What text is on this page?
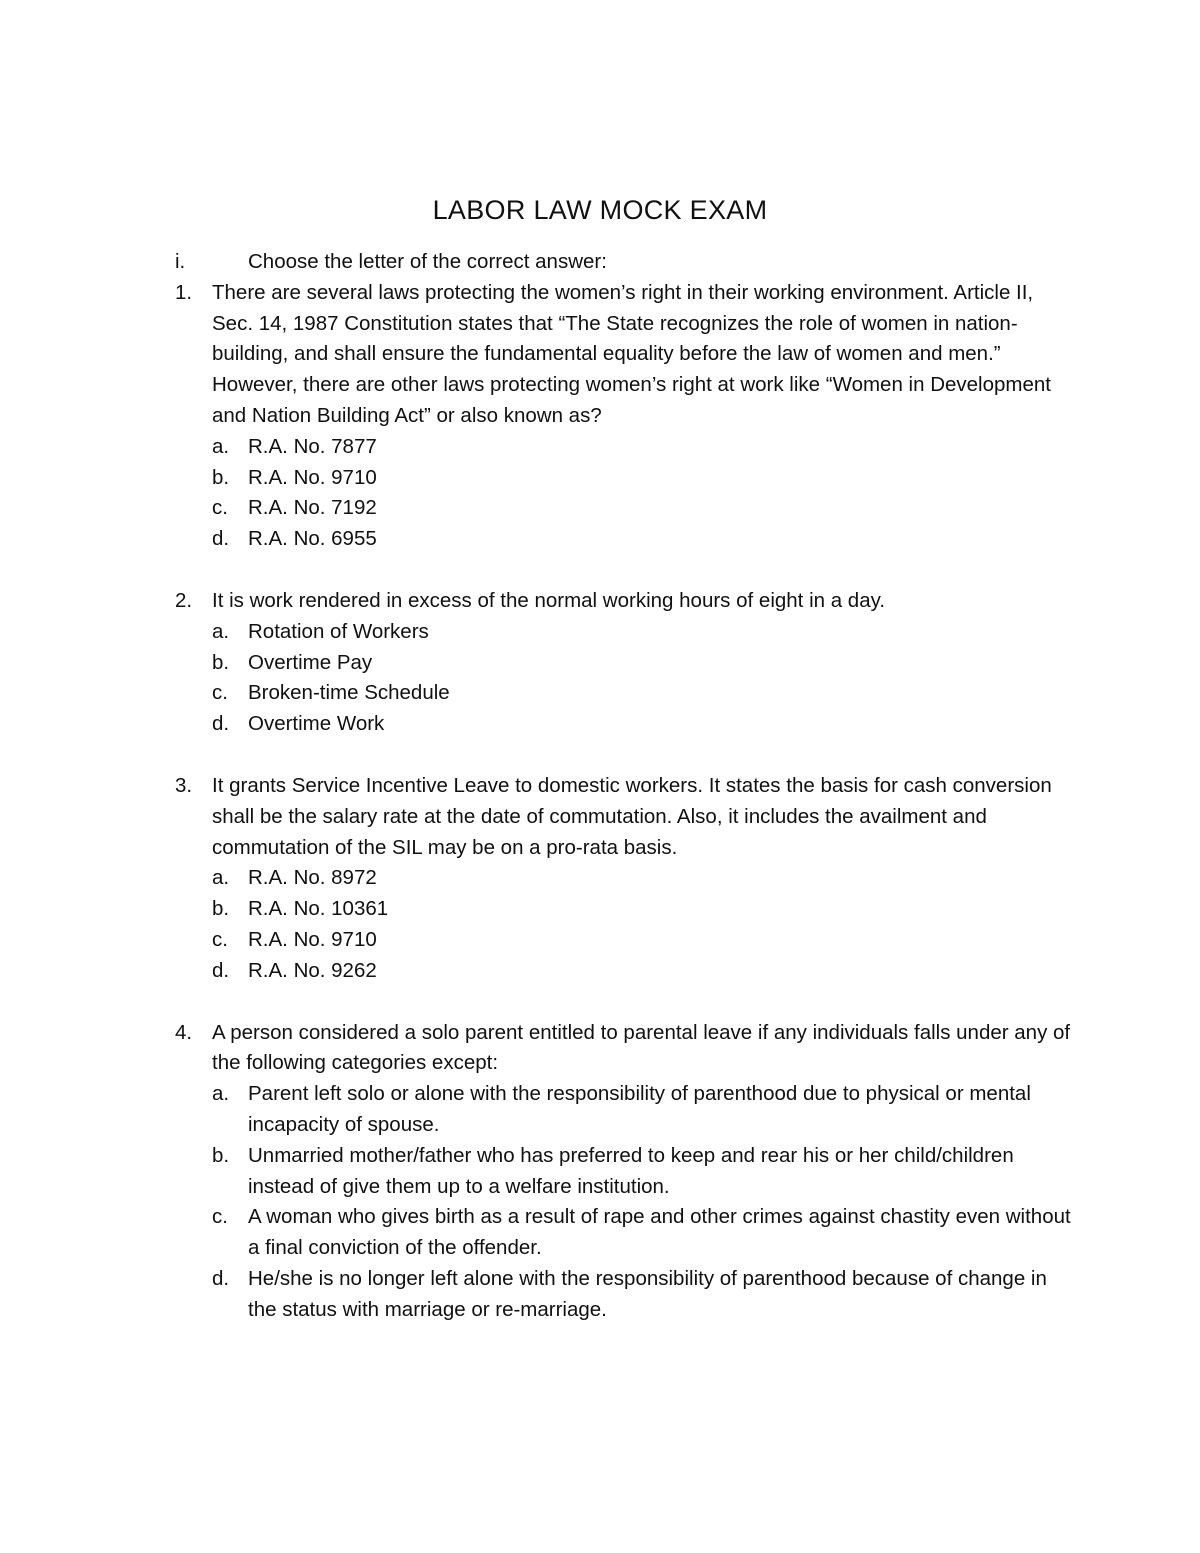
LABOR LAW MOCK EXAM
i.	Choose the letter of the correct answer:
1. There are several laws protecting the women’s right in their working environment. Article II, Sec. 14, 1987 Constitution states that “The State recognizes the role of women in nation-building, and shall ensure the fundamental equality before the law of women and men.” However, there are other laws protecting women’s right at work like “Women in Development and Nation Building Act” or also known as?
a. R.A. No. 7877
b. R.A. No. 9710
c. R.A. No. 7192
d. R.A. No. 6955
2. It is work rendered in excess of the normal working hours of eight in a day.
a. Rotation of Workers
b. Overtime Pay
c. Broken-time Schedule
d. Overtime Work
3. It grants Service Incentive Leave to domestic workers. It states the basis for cash conversion shall be the salary rate at the date of commutation. Also, it includes the availment and commutation of the SIL may be on a pro-rata basis.
a. R.A. No. 8972
b. R.A. No. 10361
c. R.A. No. 9710
d. R.A. No. 9262
4. A person considered a solo parent entitled to parental leave if any individuals falls under any of the following categories except:
a. Parent left solo or alone with the responsibility of parenthood due to physical or mental incapacity of spouse.
b. Unmarried mother/father who has preferred to keep and rear his or her child/children instead of give them up to a welfare institution.
c. A woman who gives birth as a result of rape and other crimes against chastity even without a final conviction of the offender.
d. He/she is no longer left alone with the responsibility of parenthood because of change in the status with marriage or re-marriage.
